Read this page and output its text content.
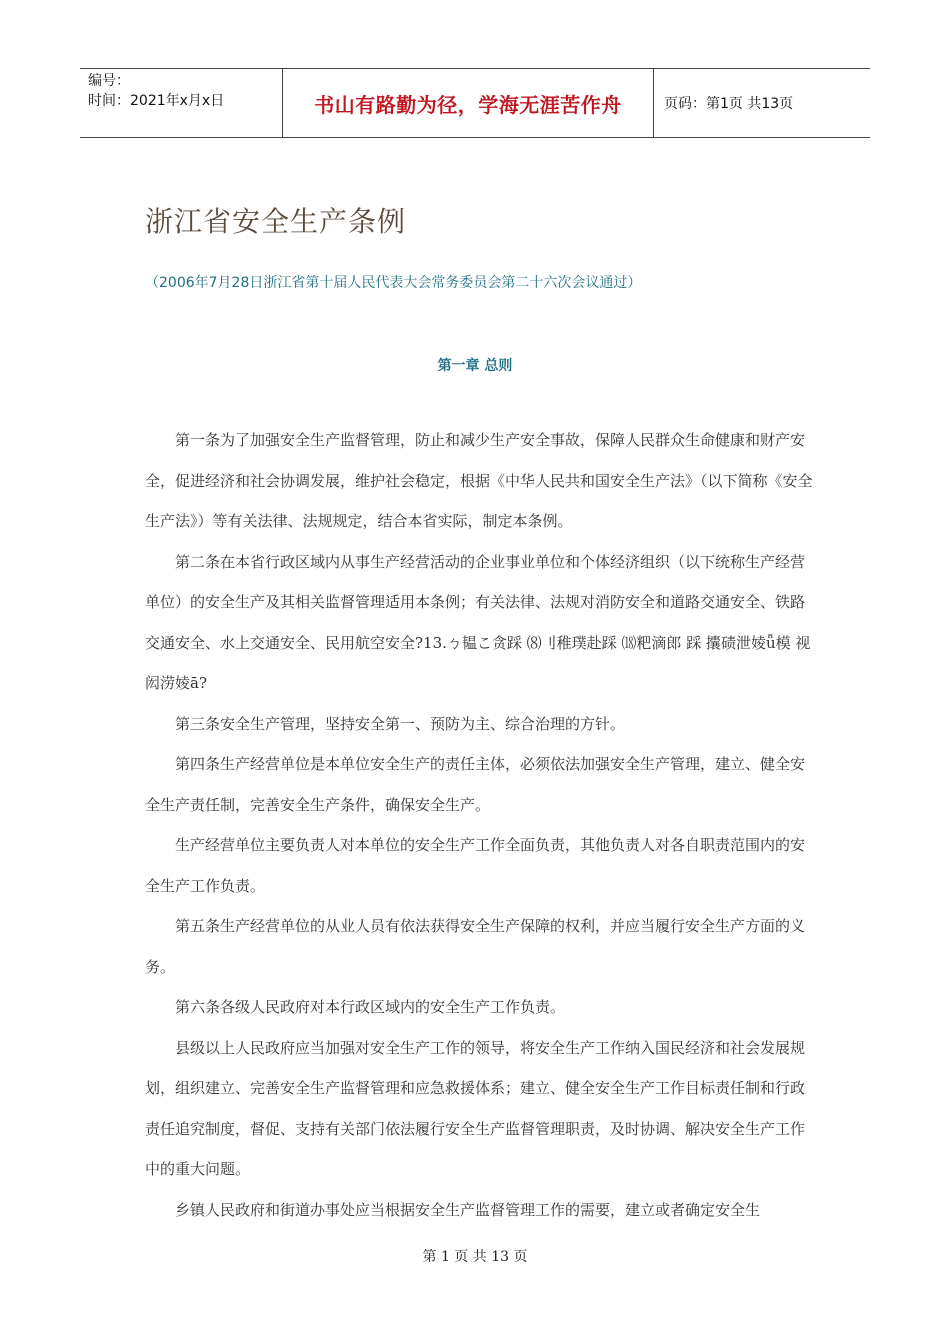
编号：
时间：2021年x月x日	书山有路勤为径，学海无涯苦作舟	页码：第1页 共13页
浙江省安全生产条例
（2006年7月28日浙江省第十届人民代表大会常务委员会第二十六次会议通过）
第一章 总则

第一条为了加强安全生产监督管理，防止和减少生产安全事故，保障人民群众生命健康和财产安全，促进经济和社会协调发展，维护社会稳定，根据《中华人民共和国安全生产法》（以下简称《安全生产法》）等有关法律、法规规定，结合本省实际，制定本条例。

第二条在本省行政区域内从事生产经营活动的企业事业单位和个体经济组织（以下统称生产经营单位）的安全生产及其相关监督管理适用本条例；有关法律、法规对消防安全和道路交通安全、铁路交通安全、水上交通安全、民用航空安全?13.ㄅ韫こ贪踩 ⑻刂稚璞赴踩 ⒅粑滴郎 踩 攮碛泄婈ǖ模 视闳涝婈ā?

第三条安全生产管理，坚持安全第一、预防为主、综合治理的方针。

第四条生产经营单位是本单位安全生产的责任主体，必须依法加强安全生产管理，建立、健全安全生产责任制，完善安全生产条件，确保安全生产。

生产经营单位主要负责人对本单位的安全生产工作全面负责，其他负责人对各自职责范围内的安全生产工作负责。

第五条生产经营单位的从业人员有依法获得安全生产保障的权利，并应当履行安全生产方面的义务。

第六条各级人民政府对本行政区域内的安全生产工作负责。

县级以上人民政府应当加强对安全生产工作的领导，将安全生产工作纳入国民经济和社会发展规划，组织建立、完善安全生产监督管理和应急救援体系；建立、健全安全生产工作目标责任制和行政责任追究制度，督促、支持有关部门依法履行安全生产监督管理职责，及时协调、解决安全生产工作中的重大问题。

乡镇人民政府和街道办事处应当根据安全生产监督管理工作的需要，建立或者确定安全生

第 1 页 共 13 页
